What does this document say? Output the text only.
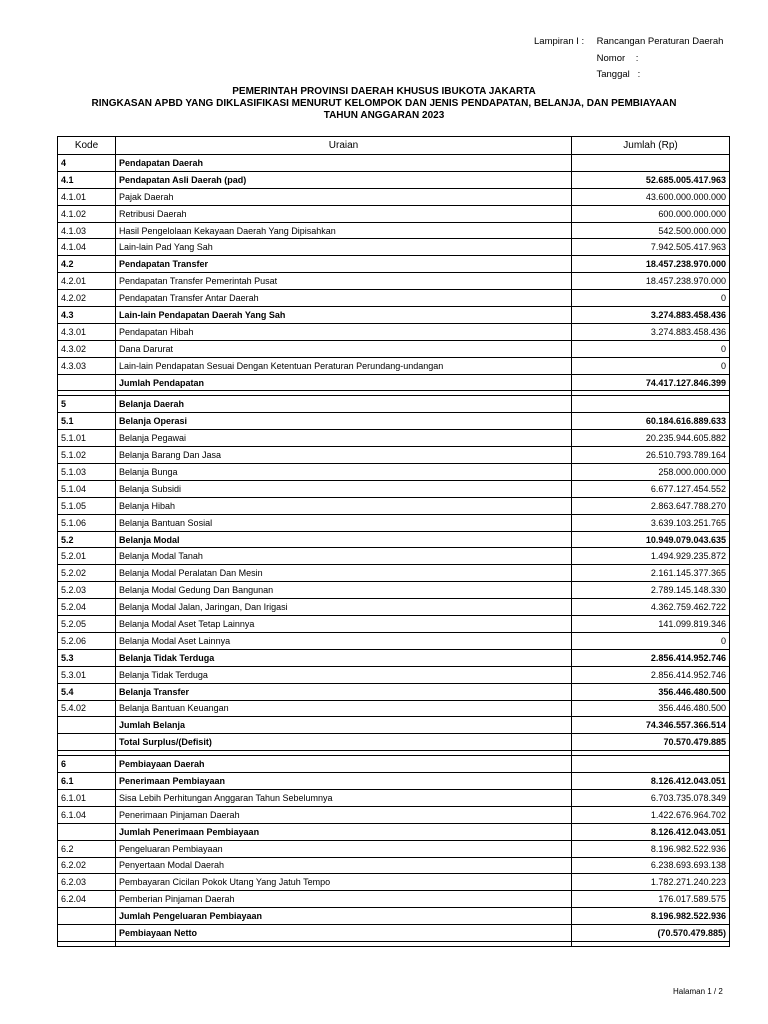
Lampiran I : Rancangan Peraturan Daerah
Nomor :
Tanggal :
PEMERINTAH PROVINSI DAERAH KHUSUS IBUKOTA JAKARTA
RINGKASAN APBD YANG DIKLASIFIKASI MENURUT KELOMPOK DAN JENIS PENDAPATAN, BELANJA, DAN PEMBIAYAAN
TAHUN ANGGARAN 2023
Kode	Uraian	Jumlah (Rp)
4	Pendapatan Daerah	
4.1	Pendapatan Asli Daerah (pad)	52.685.005.417.963
4.1.01	Pajak Daerah	43.600.000.000.000
4.1.02	Retribusi Daerah	600.000.000.000
4.1.03	Hasil Pengelolaan Kekayaan Daerah Yang Dipisahkan	542.500.000.000
4.1.04	Lain-lain Pad Yang Sah	7.942.505.417.963
4.2	Pendapatan Transfer	18.457.238.970.000
4.2.01	Pendapatan Transfer Pemerintah Pusat	18.457.238.970.000
4.2.02	Pendapatan Transfer Antar Daerah	0
4.3	Lain-lain Pendapatan Daerah Yang Sah	3.274.883.458.436
4.3.01	Pendapatan Hibah	3.274.883.458.436
4.3.02	Dana Darurat	0
4.3.03	Lain-lain Pendapatan Sesuai Dengan Ketentuan Peraturan Perundang-undangan	0
	Jumlah Pendapatan	74.417.127.846.399

5	Belanja Daerah	
5.1	Belanja Operasi	60.184.616.889.633
5.1.01	Belanja Pegawai	20.235.944.605.882
5.1.02	Belanja Barang Dan Jasa	26.510.793.789.164
5.1.03	Belanja Bunga	258.000.000.000
5.1.04	Belanja Subsidi	6.677.127.454.552
5.1.05	Belanja Hibah	2.863.647.788.270
5.1.06	Belanja Bantuan Sosial	3.639.103.251.765
5.2	Belanja Modal	10.949.079.043.635
5.2.01	Belanja Modal Tanah	1.494.929.235.872
5.2.02	Belanja Modal Peralatan Dan Mesin	2.161.145.377.365
5.2.03	Belanja Modal Gedung Dan Bangunan	2.789.145.148.330
5.2.04	Belanja Modal Jalan, Jaringan, Dan Irigasi	4.362.759.462.722
5.2.05	Belanja Modal Aset Tetap Lainnya	141.099.819.346
5.2.06	Belanja Modal Aset Lainnya	0
5.3	Belanja Tidak Terduga	2.856.414.952.746
5.3.01	Belanja Tidak Terduga	2.856.414.952.746
5.4	Belanja Transfer	356.446.480.500
5.4.02	Belanja Bantuan Keuangan	356.446.480.500
	Jumlah Belanja	74.346.557.366.514
	Total Surplus/(Defisit)	70.570.479.885

6	Pembiayaan Daerah	
6.1	Penerimaan Pembiayaan	8.126.412.043.051
6.1.01	Sisa Lebih Perhitungan Anggaran Tahun Sebelumnya	6.703.735.078.349
6.1.04	Penerimaan Pinjaman Daerah	1.422.676.964.702
	Jumlah Penerimaan Pembiayaan	8.126.412.043.051
6.2	Pengeluaran Pembiayaan	8.196.982.522.936
6.2.02	Penyertaan Modal Daerah	6.238.693.693.138
6.2.03	Pembayaran Cicilan Pokok Utang Yang Jatuh Tempo	1.782.271.240.223
6.2.04	Pemberian Pinjaman Daerah	176.017.589.575
	Jumlah Pengeluaran Pembiayaan	8.196.982.522.936
	Pembiayaan Netto	(70.570.479.885)

Halaman 1 / 2
